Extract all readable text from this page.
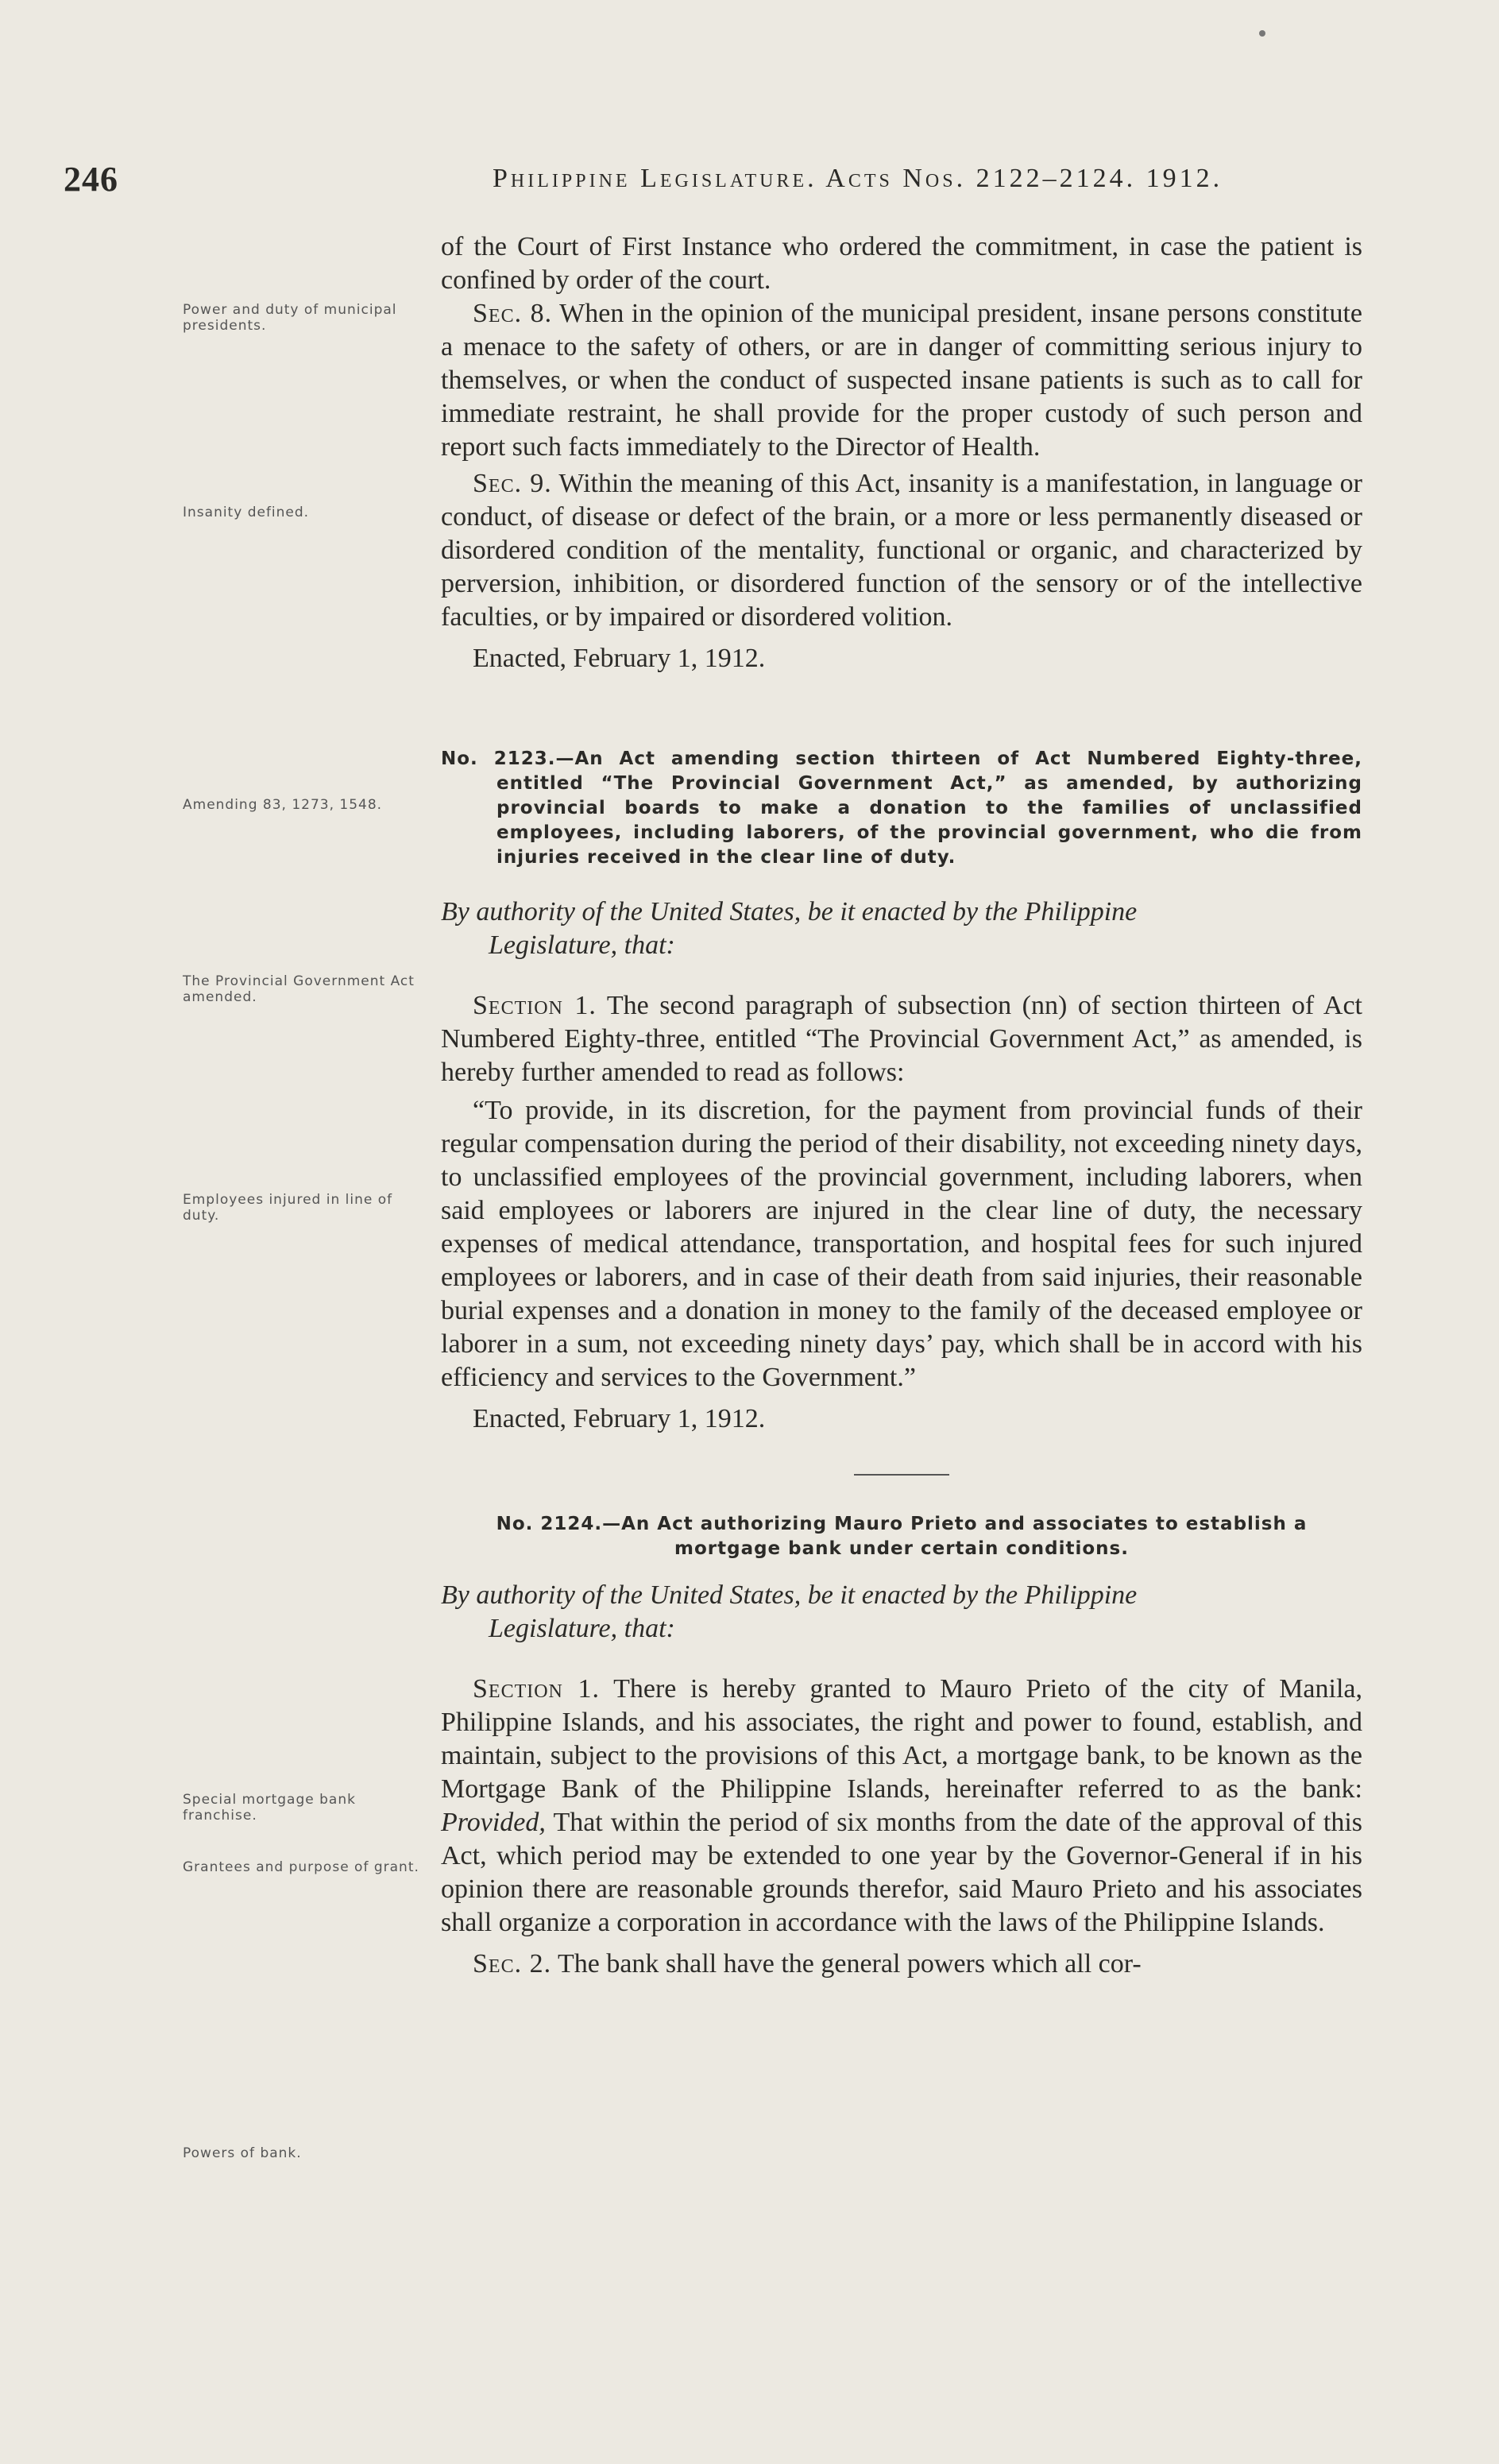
246	Philippine Legislature. Acts Nos. 2122–2124. 1912.
Power and duty of municipal presidents.
Insanity defined.
Amending 83, 1273, 1548.
The Provincial Government Act amended.
Employees injured in line of duty.
Special mortgage bank franchise.
Grantees and purpose of grant.
Powers of bank.

of the Court of First Instance who ordered the commitment, in case the patient is confined by order of the court.

Sec. 8. When in the opinion of the municipal president, insane persons constitute a menace to the safety of others, or are in danger of committing serious injury to themselves, or when the conduct of suspected insane patients is such as to call for immediate restraint, he shall provide for the proper custody of such person and report such facts immediately to the Director of Health.

Sec. 9. Within the meaning of this Act, insanity is a manifestation, in language or conduct, of disease or defect of the brain, or a more or less permanently diseased or disordered condition of the mentality, functional or organic, and characterized by perversion, inhibition, or disordered function of the sensory or of the intellective faculties, or by impaired or disordered volition.

Enacted, February 1, 1912.

No. 2123.—An Act amending section thirteen of Act Numbered Eighty-three, entitled “The Provincial Government Act,” as amended, by authorizing provincial boards to make a donation to the families of unclassified employees, including laborers, of the provincial government, who die from injuries received in the clear line of duty.
By authority of the United States, be it enacted by the Philippine
Legislature, that:

Section 1. The second paragraph of subsection (nn) of section thirteen of Act Numbered Eighty-three, entitled “The Provincial Government Act,” as amended, is hereby further amended to read as follows:

“To provide, in its discretion, for the payment from provincial funds of their regular compensation during the period of their disability, not exceeding ninety days, to unclassified employees of the provincial government, including laborers, when said employees or laborers are injured in the clear line of duty, the necessary expenses of medical attendance, transportation, and hospital fees for such injured employees or laborers, and in case of their death from said injuries, their reasonable burial expenses and a donation in money to the family of the deceased employee or laborer in a sum, not exceeding ninety days’ pay, which shall be in accord with his efficiency and services to the Government.”

Enacted, February 1, 1912.

No. 2124.—An Act authorizing Mauro Prieto and associates to establish a mortgage bank under certain conditions.
By authority of the United States, be it enacted by the Philippine
Legislature, that:

Section 1. There is hereby granted to Mauro Prieto of the city of Manila, Philippine Islands, and his associates, the right and power to found, establish, and maintain, subject to the provisions of this Act, a mortgage bank, to be known as the Mortgage Bank of the Philippine Islands, hereinafter referred to as the bank: Provided, That within the period of six months from the date of the approval of this Act, which period may be extended to one year by the Governor-General if in his opinion there are reasonable grounds therefor, said Mauro Prieto and his associates shall organize a corporation in accordance with the laws of the Philippine Islands.

Sec. 2. The bank shall have the general powers which all cor-
